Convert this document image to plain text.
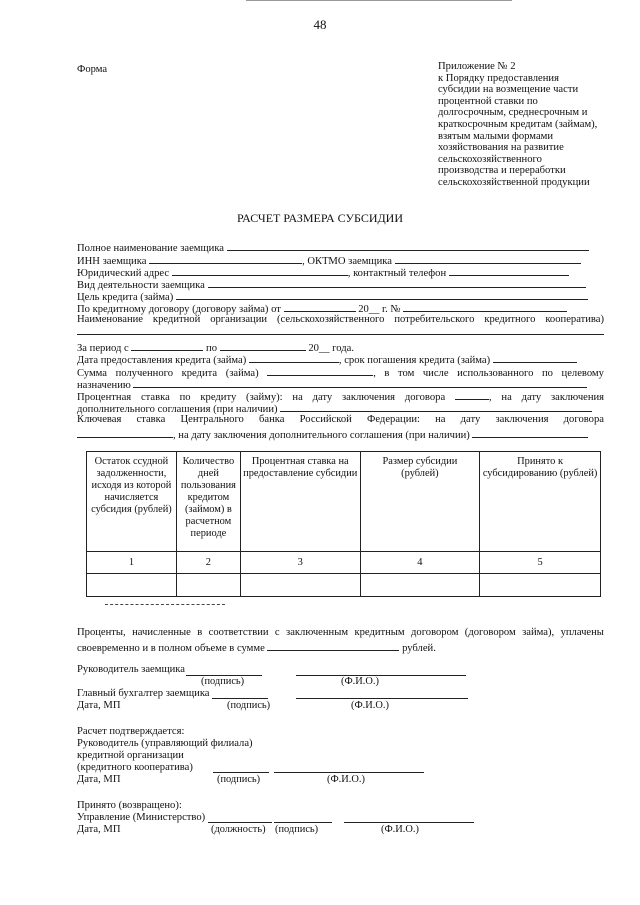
48
Форма	Приложение № 2
к Порядку предоставления
субсидии на возмещение части
процентной ставки по
долгосрочным, среднесрочным и
краткосрочным кредитам (займам),
взятым малыми формами
хозяйствования на развитие
сельскохозяйственного
производства и переработки
сельскохозяйственной продукции
РАСЧЕТ РАЗМЕРА СУБСИДИИ
Полное наименование заемщика
ИНН заемщика	, ОКТМО заемщика
Юридический адрес	, контактный телефон
Вид деятельности заемщика
Цель кредита (займа)
По кредитному договору (договору займа) от	20__ г. №
Наименование кредитной организации (сельскохозяйственного потребительского кредитного кооператива)
За период с	по	20__ года.
Дата предоставления кредита (займа)	, срок погашения кредита (займа)
Сумма полученного кредита (займа)	, в том числе использованного по целевому
назначению
Процентная ставка по кредиту (займу): на дату заключения договора	, на дату заключения
дополнительного соглашения (при наличии)
Ключевая ставка Центрального банка Российской Федерации: на дату заключения договора
, на дату заключения дополнительного соглашения (при наличии)
Остаток ссудной задолженности, исходя из которой начисляется субсидия (рублей)	Количество дней пользования кредитом (займом) в расчетном периоде	Процентная ставка на предоставление субсидии	Размер субсидии (рублей)	Принято к субсидированию (рублей)
1	2	3	4	5

Проценты, начисленные в соответствии с заключенным кредитным договором (договором займа), уплачены
своевременно и в полном объеме в сумме	рублей.
Руководитель заемщика
(подпись)	(Ф.И.О.)
Главный бухгалтер заемщика
Дата, МП	(подпись)	(Ф.И.О.)
Расчет подтверждается:
Руководитель (управляющий филиала)
кредитной организации
(кредитного кооператива)
Дата, МП	(подпись)	(Ф.И.О.)
Принято (возвращено):
Управление (Министерство)
Дата, МП	(должность) (подпись)	(Ф.И.О.)
